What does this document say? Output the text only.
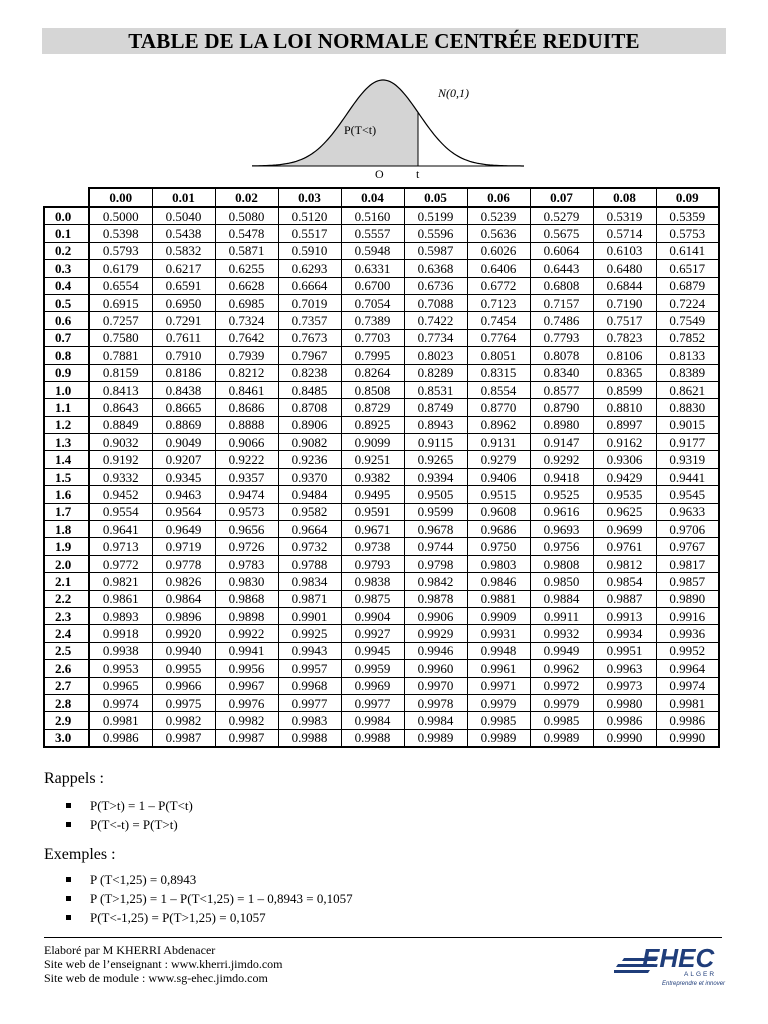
TABLE DE LA LOI NORMALE CENTRÉE REDUITE
N(0,1)
P(T<t)
O	t
	0.00	0.01	0.02	0.03	0.04	0.05	0.06	0.07	0.08	0.09
0.0	0.5000	0.5040	0.5080	0.5120	0.5160	0.5199	0.5239	0.5279	0.5319	0.5359
0.1	0.5398	0.5438	0.5478	0.5517	0.5557	0.5596	0.5636	0.5675	0.5714	0.5753
0.2	0.5793	0.5832	0.5871	0.5910	0.5948	0.5987	0.6026	0.6064	0.6103	0.6141
0.3	0.6179	0.6217	0.6255	0.6293	0.6331	0.6368	0.6406	0.6443	0.6480	0.6517
0.4	0.6554	0.6591	0.6628	0.6664	0.6700	0.6736	0.6772	0.6808	0.6844	0.6879
0.5	0.6915	0.6950	0.6985	0.7019	0.7054	0.7088	0.7123	0.7157	0.7190	0.7224
0.6	0.7257	0.7291	0.7324	0.7357	0.7389	0.7422	0.7454	0.7486	0.7517	0.7549
0.7	0.7580	0.7611	0.7642	0.7673	0.7703	0.7734	0.7764	0.7793	0.7823	0.7852
0.8	0.7881	0.7910	0.7939	0.7967	0.7995	0.8023	0.8051	0.8078	0.8106	0.8133
0.9	0.8159	0.8186	0.8212	0.8238	0.8264	0.8289	0.8315	0.8340	0.8365	0.8389
1.0	0.8413	0.8438	0.8461	0.8485	0.8508	0.8531	0.8554	0.8577	0.8599	0.8621
1.1	0.8643	0.8665	0.8686	0.8708	0.8729	0.8749	0.8770	0.8790	0.8810	0.8830
1.2	0.8849	0.8869	0.8888	0.8906	0.8925	0.8943	0.8962	0.8980	0.8997	0.9015
1.3	0.9032	0.9049	0.9066	0.9082	0.9099	0.9115	0.9131	0.9147	0.9162	0.9177
1.4	0.9192	0.9207	0.9222	0.9236	0.9251	0.9265	0.9279	0.9292	0.9306	0.9319
1.5	0.9332	0.9345	0.9357	0.9370	0.9382	0.9394	0.9406	0.9418	0.9429	0.9441
1.6	0.9452	0.9463	0.9474	0.9484	0.9495	0.9505	0.9515	0.9525	0.9535	0.9545
1.7	0.9554	0.9564	0.9573	0.9582	0.9591	0.9599	0.9608	0.9616	0.9625	0.9633
1.8	0.9641	0.9649	0.9656	0.9664	0.9671	0.9678	0.9686	0.9693	0.9699	0.9706
1.9	0.9713	0.9719	0.9726	0.9732	0.9738	0.9744	0.9750	0.9756	0.9761	0.9767
2.0	0.9772	0.9778	0.9783	0.9788	0.9793	0.9798	0.9803	0.9808	0.9812	0.9817
2.1	0.9821	0.9826	0.9830	0.9834	0.9838	0.9842	0.9846	0.9850	0.9854	0.9857
2.2	0.9861	0.9864	0.9868	0.9871	0.9875	0.9878	0.9881	0.9884	0.9887	0.9890
2.3	0.9893	0.9896	0.9898	0.9901	0.9904	0.9906	0.9909	0.9911	0.9913	0.9916
2.4	0.9918	0.9920	0.9922	0.9925	0.9927	0.9929	0.9931	0.9932	0.9934	0.9936
2.5	0.9938	0.9940	0.9941	0.9943	0.9945	0.9946	0.9948	0.9949	0.9951	0.9952
2.6	0.9953	0.9955	0.9956	0.9957	0.9959	0.9960	0.9961	0.9962	0.9963	0.9964
2.7	0.9965	0.9966	0.9967	0.9968	0.9969	0.9970	0.9971	0.9972	0.9973	0.9974
2.8	0.9974	0.9975	0.9976	0.9977	0.9977	0.9978	0.9979	0.9979	0.9980	0.9981
2.9	0.9981	0.9982	0.9982	0.9983	0.9984	0.9984	0.9985	0.9985	0.9986	0.9986
3.0	0.9986	0.9987	0.9987	0.9988	0.9988	0.9989	0.9989	0.9989	0.9990	0.9990
Rappels :
P(T>t) = 1 – P(T<t)
P(T<-t) = P(T>t)
Exemples :
P (T<1,25) = 0,8943
P (T>1,25) = 1 – P(T<1,25) = 1 – 0,8943 = 0,1057
P(T<-1,25) = P(T>1,25) = 0,1057
Elaboré par M KHERRI Abdenacer
Site web de l’enseignant : www.kherri.jimdo.com
Site web de module : www.sg-ehec.jimdo.com
EHEC
ALGER
Entreprendre et innover
